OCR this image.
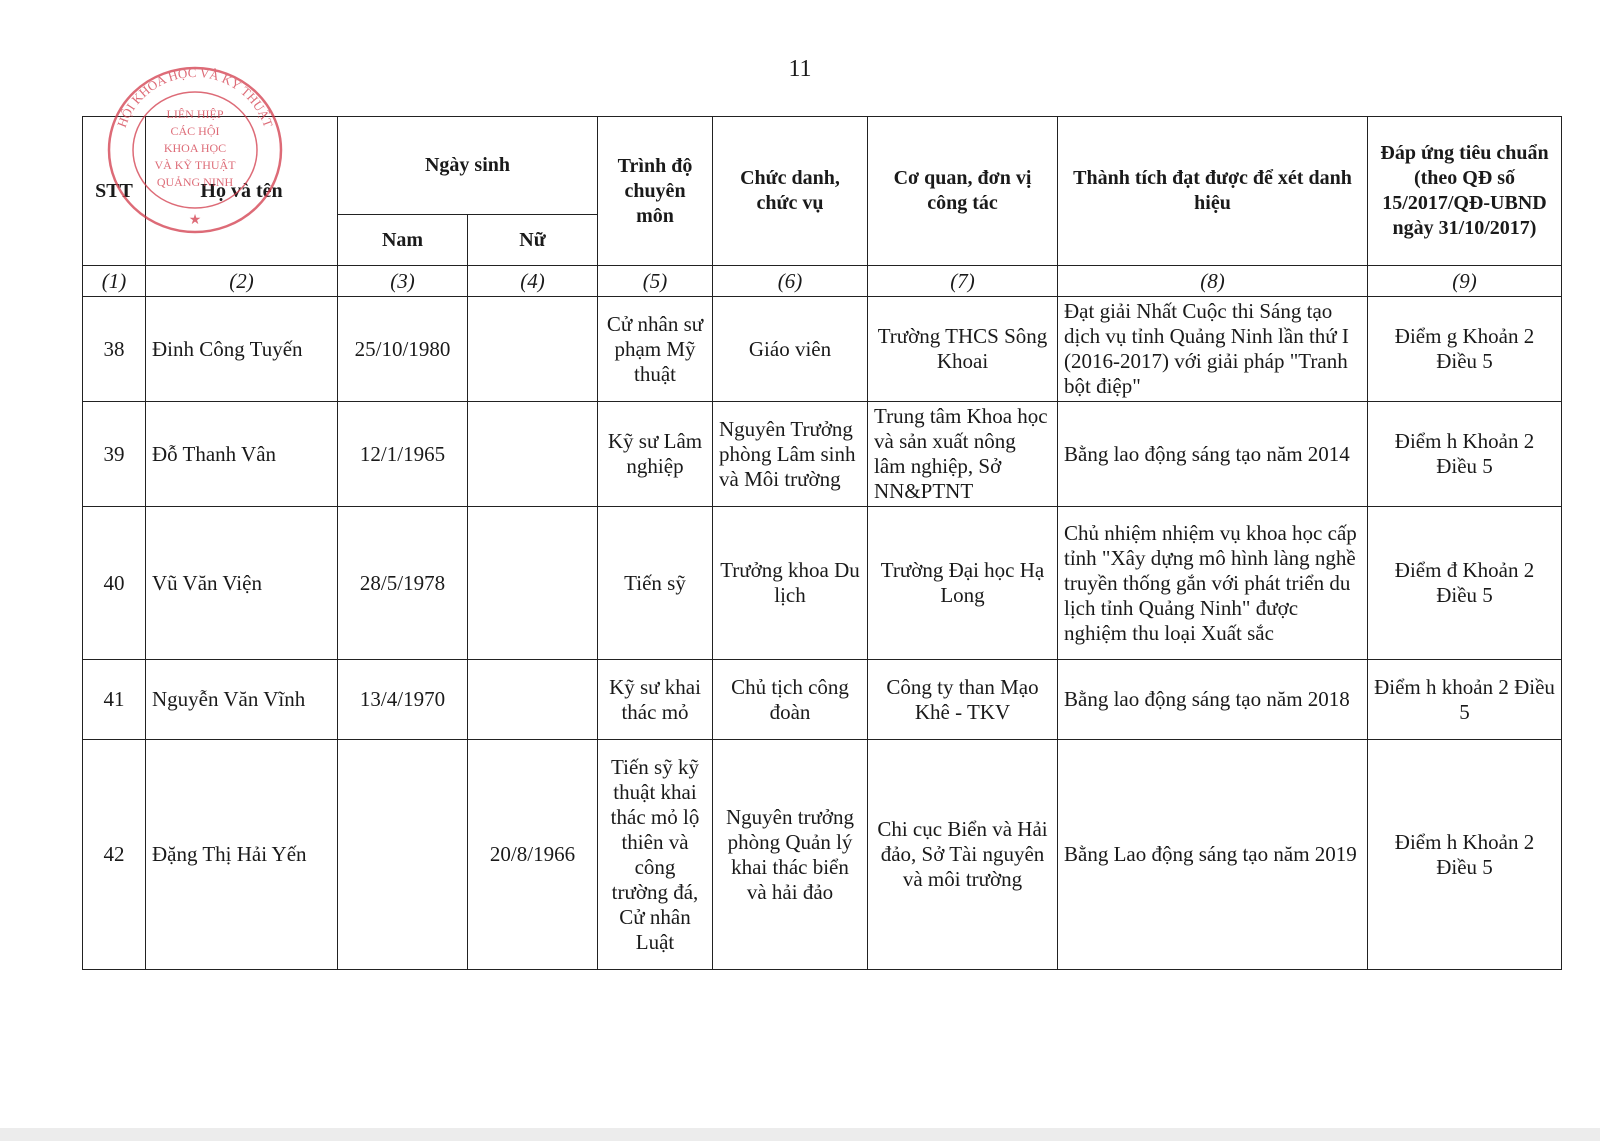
11
STT	Họ và tên	Ngày sinh		Trình độ chuyên môn	Chức danh, chức vụ	Cơ quan, đơn vị công tác	Thành tích đạt được để xét danh hiệu	Đáp ứng tiêu chuẩn (theo QĐ số 15/2017/QĐ-UBND ngày 31/10/2017)
		Nam	Nữ					
(1)	(2)	(3)	(4)	(5)	(6)	(7)	(8)	(9)
38	Đinh Công Tuyến	25/10/1980		Cử nhân sư phạm Mỹ thuật	Giáo viên	Trường THCS Sông Khoai	Đạt giải Nhất Cuộc thi Sáng tạo dịch vụ tỉnh Quảng Ninh lần thứ I (2016-2017) với giải pháp "Tranh bột điệp"	Điểm g Khoản 2 Điều 5
39	Đỗ Thanh Vân	12/1/1965		Kỹ sư Lâm nghiệp	Nguyên Trưởng phòng Lâm sinh và Môi trường	Trung tâm Khoa học và sản xuất nông lâm nghiệp, Sở NN&PTNT	Bằng lao động sáng tạo năm 2014	Điểm h Khoản 2 Điều 5
40	Vũ Văn Viện	28/5/1978		Tiến sỹ	Trưởng khoa Du lịch	Trường Đại học Hạ Long	Chủ nhiệm nhiệm vụ khoa học cấp tỉnh "Xây dựng mô hình làng nghề truyền thống gắn với phát triển du lịch tỉnh Quảng Ninh" được nghiệm thu loại Xuất sắc	Điểm đ Khoản 2 Điều 5
41	Nguyễn Văn Vĩnh	13/4/1970		Kỹ sư khai thác mỏ	Chủ tịch công đoàn	Công ty than Mạo Khê - TKV	Bằng lao động sáng tạo năm 2018	Điểm h khoản 2 Điều 5
42	Đặng Thị Hải Yến		20/8/1966	Tiến sỹ kỹ thuật khai thác mỏ lộ thiên và công trường đá, Cử nhân Luật	Nguyên trưởng phòng Quản lý khai thác biển và hải đảo	Chi cục Biển và Hải đảo, Sở Tài nguyên và môi trường	Bằng Lao động sáng tạo năm 2019	Điểm h Khoản 2 Điều 5
HỘI KHOA HỌC VÀ KỸ THUẬT
LIÊN HIỆP
CÁC HỘI
KHOA HỌC
VÀ KỸ THUẬT
QUẢNG NINH
★
